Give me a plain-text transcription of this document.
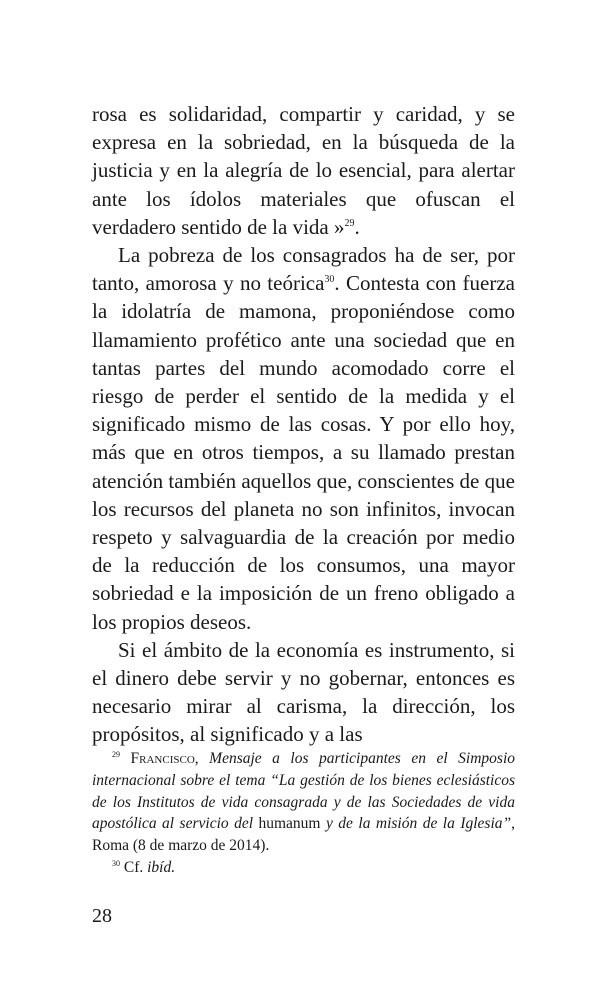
rosa es solidaridad, compartir y caridad, y se expresa en la sobriedad, en la búsqueda de la justicia y en la alegría de lo esencial, para alertar ante los ídolos materiales que ofuscan el verdadero sentido de la vida »$^{29}$.

La pobreza de los consagrados ha de ser, por tanto, amorosa y no teórica$^{30}$. Contesta con fuerza la idolatría de mamona, proponiéndose como llamamiento profético ante una sociedad que en tantas partes del mundo acomodado corre el riesgo de perder el sentido de la medida y el significado mismo de las cosas. Y por ello hoy, más que en otros tiempos, a su llamado prestan atención también aquellos que, conscientes de que los recursos del planeta no son infinitos, invocan respeto y salvaguardia de la creación por medio de la reducción de los consumos, una mayor sobriedad e la imposición de un freno obligado a los propios deseos.

Si el ámbito de la economía es instrumento, si el dinero debe servir y no gobernar, entonces es necesario mirar al carisma, la dirección, los propósitos, al significado y a las

$^{29}$ Francisco, Mensaje a los participantes en el Simposio internacional sobre el tema “La gestión de los bienes eclesiásticos de los Institutos de vida consagrada y de las Sociedades de vida apostólica al servicio del humanum y de la misión de la Iglesia”, Roma (8 de marzo de 2014).

$^{30}$ Cf. ibíd.

28
